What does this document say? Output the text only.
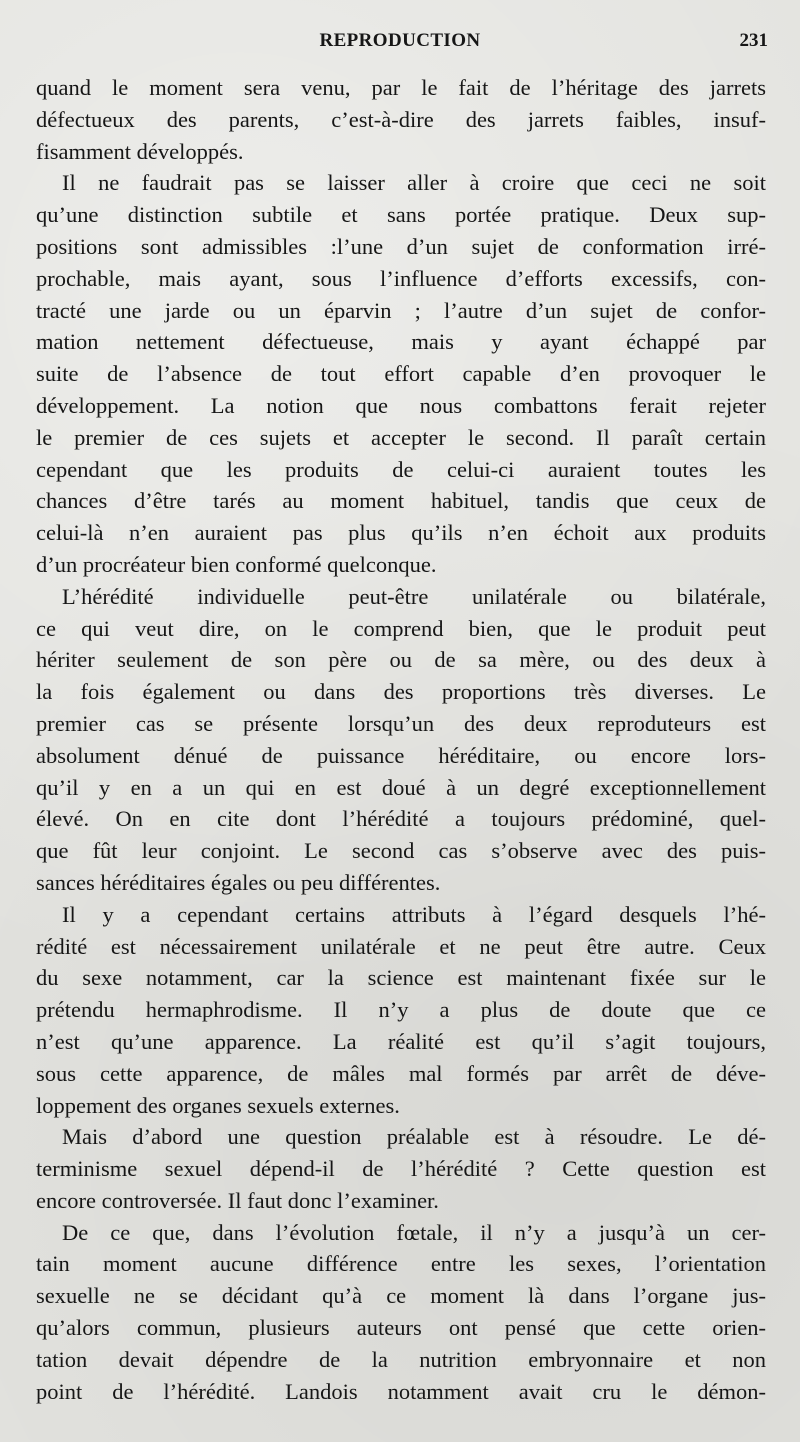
REPRODUCTION	231
quand le moment sera venu, par le fait de l’héritage des jarrets
défectueux des parents, c’est-à-dire des jarrets faibles, insuf-
fisamment développés.
Il ne faudrait pas se laisser aller à croire que ceci ne soit
qu’une distinction subtile et sans portée pratique. Deux sup-
positions sont admissibles :l’une d’un sujet de conformation irré-
prochable, mais ayant, sous l’influence d’efforts excessifs, con-
tracté une jarde ou un éparvin ; l’autre d’un sujet de confor-
mation nettement défectueuse, mais y ayant échappé par
suite de l’absence de tout effort capable d’en provoquer le
développement. La notion que nous combattons ferait rejeter
le premier de ces sujets et accepter le second. Il paraît certain
cependant que les produits de celui-ci auraient toutes les
chances d’être tarés au moment habituel, tandis que ceux de
celui-là n’en auraient pas plus qu’ils n’en échoit aux produits
d’un procréateur bien conformé quelconque.
L’hérédité individuelle peut-être unilatérale ou bilatérale,
ce qui veut dire, on le comprend bien, que le produit peut
hériter seulement de son père ou de sa mère, ou des deux à
la fois également ou dans des proportions très diverses. Le
premier cas se présente lorsqu’un des deux reproduteurs est
absolument dénué de puissance héréditaire, ou encore lors-
qu’il y en a un qui en est doué à un degré exceptionnellement
élevé. On en cite dont l’hérédité a toujours prédominé, quel-
que fût leur conjoint. Le second cas s’observe avec des puis-
sances héréditaires égales ou peu différentes.
Il y a cependant certains attributs à l’égard desquels l’hé-
rédité est nécessairement unilatérale et ne peut être autre. Ceux
du sexe notamment, car la science est maintenant fixée sur le
prétendu hermaphrodisme. Il n’y a plus de doute que ce
n’est qu’une apparence. La réalité est qu’il s’agit toujours,
sous cette apparence, de mâles mal formés par arrêt de déve-
loppement des organes sexuels externes.
Mais d’abord une question préalable est à résoudre. Le dé-
terminisme sexuel dépend-il de l’hérédité ? Cette question est
encore controversée. Il faut donc l’examiner.
De ce que, dans l’évolution fœtale, il n’y a jusqu’à un cer-
tain moment aucune différence entre les sexes, l’orientation
sexuelle ne se décidant qu’à ce moment là dans l’organe jus-
qu’alors commun, plusieurs auteurs ont pensé que cette orien-
tation devait dépendre de la nutrition embryonnaire et non
point de l’hérédité. Landois notamment avait cru le démon-
